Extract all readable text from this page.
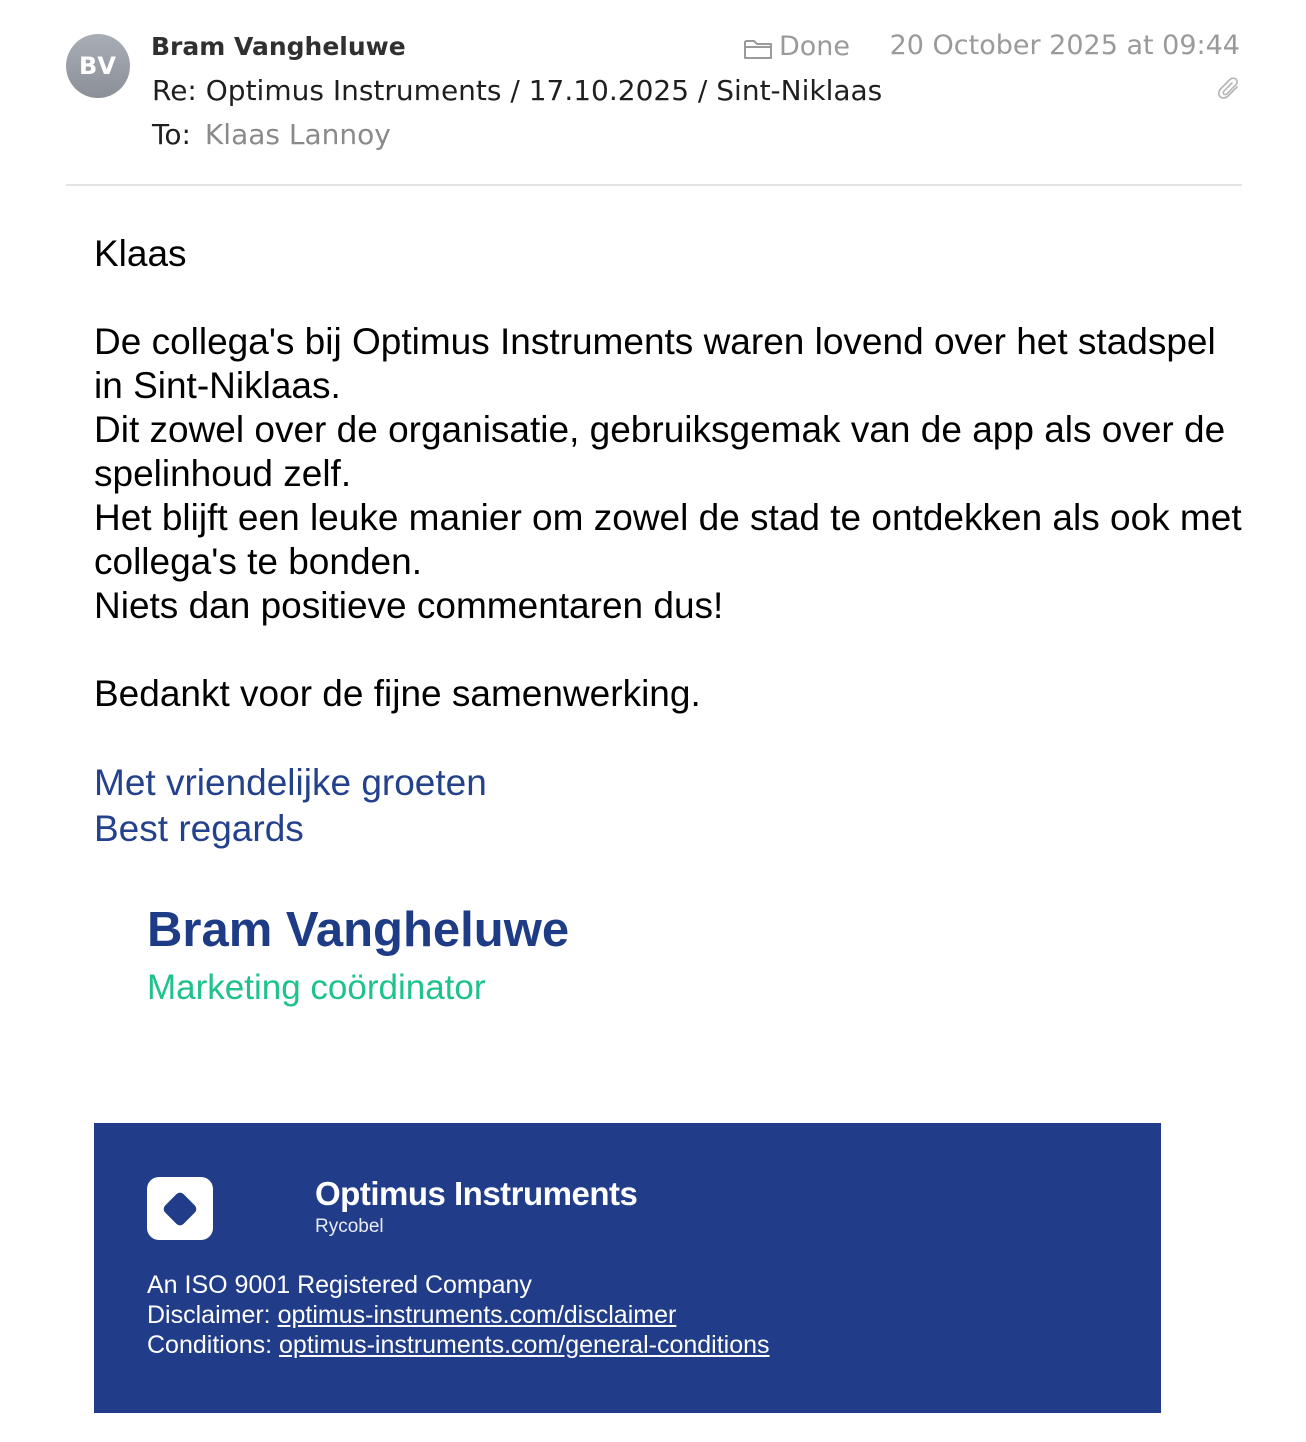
BV
Bram Vangheluwe	Done 20 October 2025 at 09:44
Re: Optimus Instruments / 17.10.2025 / Sint-Niklaas
To: Klaas Lannoy

Klaas

De collega's bij Optimus Instruments waren lovend over het stadspel in Sint-Niklaas.

Dit zowel over de organisatie, gebruiksgemak van de app als over de spelinhoud zelf.

Het blijft een leuke manier om zowel de stad te ontdekken als ook met collega's te bonden.

Niets dan positieve commentaren dus!

Bedankt voor de fijne samenwerking.

Met vriendelijke groeten
Best regards
Bram Vangheluwe
Marketing coördinator
Optimus Instruments
Rycobel
An ISO 9001 Registered Company
Disclaimer: optimus-instruments.com/disclaimer
Conditions: optimus-instruments.com/general-conditions
